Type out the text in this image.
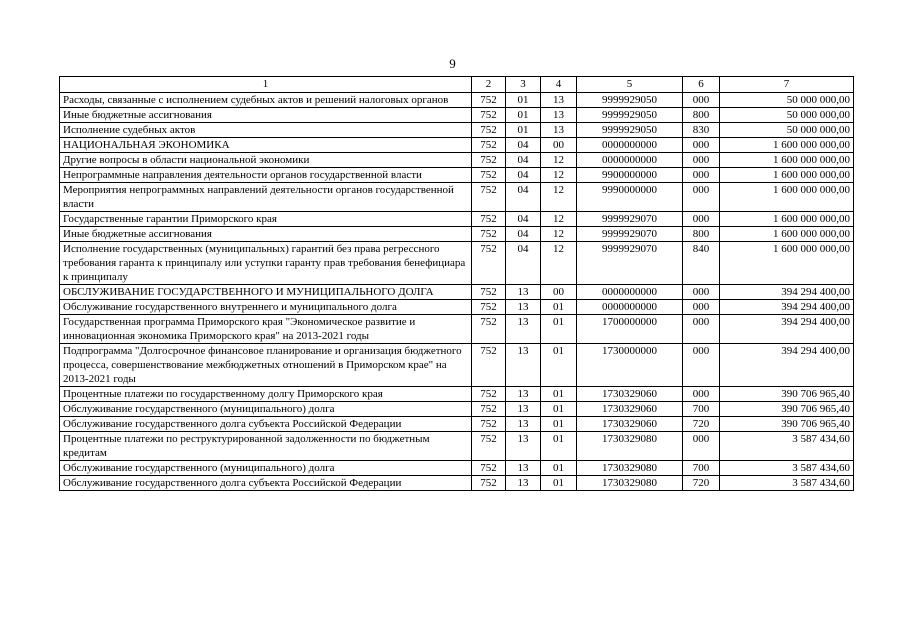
9
1	2	3	4	5	6	7
Расходы, связанные с исполнением судебных актов и решений налоговых органов	752	01	13	9999929050	000	50 000 000,00
Иные бюджетные ассигнования	752	01	13	9999929050	800	50 000 000,00
Исполнение судебных актов	752	01	13	9999929050	830	50 000 000,00
НАЦИОНАЛЬНАЯ ЭКОНОМИКА	752	04	00	0000000000	000	1 600 000 000,00
Другие вопросы в области национальной экономики	752	04	12	0000000000	000	1 600 000 000,00
Непрограммные направления деятельности органов государственной власти	752	04	12	9900000000	000	1 600 000 000,00
Мероприятия непрограммных направлений деятельности органов государственной власти	752	04	12	9990000000	000	1 600 000 000,00
Государственные гарантии Приморского края	752	04	12	9999929070	000	1 600 000 000,00
Иные бюджетные ассигнования	752	04	12	9999929070	800	1 600 000 000,00
Исполнение государственных (муниципальных) гарантий без права регрессного требования гаранта к принципалу или уступки гаранту прав требования бенефициара к принципалу	752	04	12	9999929070	840	1 600 000 000,00
ОБСЛУЖИВАНИЕ ГОСУДАРСТВЕННОГО И МУНИЦИПАЛЬНОГО ДОЛГА	752	13	00	0000000000	000	394 294 400,00
Обслуживание государственного внутреннего и муниципального долга	752	13	01	0000000000	000	394 294 400,00
Государственная программа Приморского края "Экономическое развитие и инновационная экономика Приморского края" на 2013-2021 годы	752	13	01	1700000000	000	394 294 400,00
Подпрограмма "Долгосрочное финансовое планирование и организация бюджетного процесса, совершенствование межбюджетных отношений в Приморском крае" на 2013-2021 годы	752	13	01	1730000000	000	394 294 400,00
Процентные платежи по государственному долгу Приморского края	752	13	01	1730329060	000	390 706 965,40
Обслуживание государственного (муниципального) долга	752	13	01	1730329060	700	390 706 965,40
Обслуживание государственного долга субъекта Российской Федерации	752	13	01	1730329060	720	390 706 965,40
Процентные платежи по реструктурированной задолженности по бюджетным кредитам	752	13	01	1730329080	000	3 587 434,60
Обслуживание государственного (муниципального) долга	752	13	01	1730329080	700	3 587 434,60
Обслуживание государственного долга субъекта Российской Федерации	752	13	01	1730329080	720	3 587 434,60
